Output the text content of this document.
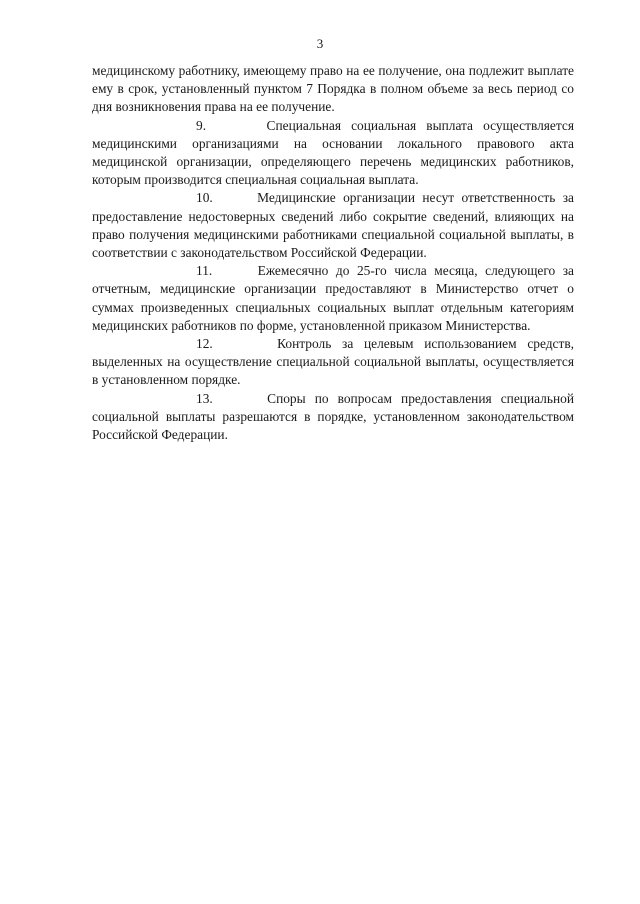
3

медицинскому работнику, имеющему право на ее получение, она подлежит выплате ему в срок, установленный пунктом 7 Порядка в полном объеме за весь период со дня возникновения права на ее получение.

9.	Специальная социальная выплата осуществляется медицинскими организациями на основании локального правового акта медицинской организации, определяющего перечень медицинских работников, которым производится специальная социальная выплата.

10.	Медицинские организации несут ответственность за предоставление недостоверных сведений либо сокрытие сведений, влияющих на право получения медицинскими работниками специальной социальной выплаты, в соответствии с законодательством Российской Федерации.

11.	Ежемесячно до 25-го числа месяца, следующего за отчетным, медицинские организации предоставляют в Министерство отчет о суммах произведенных специальных социальных выплат отдельным категориям медицинских работников по форме, установленной приказом Министерства.

12.	Контроль за целевым использованием средств, выделенных на осуществление специальной социальной выплаты, осуществляется в установленном порядке.

13.	Споры по вопросам предоставления специальной социальной выплаты разрешаются в порядке, установленном законодательством Российской Федерации.
